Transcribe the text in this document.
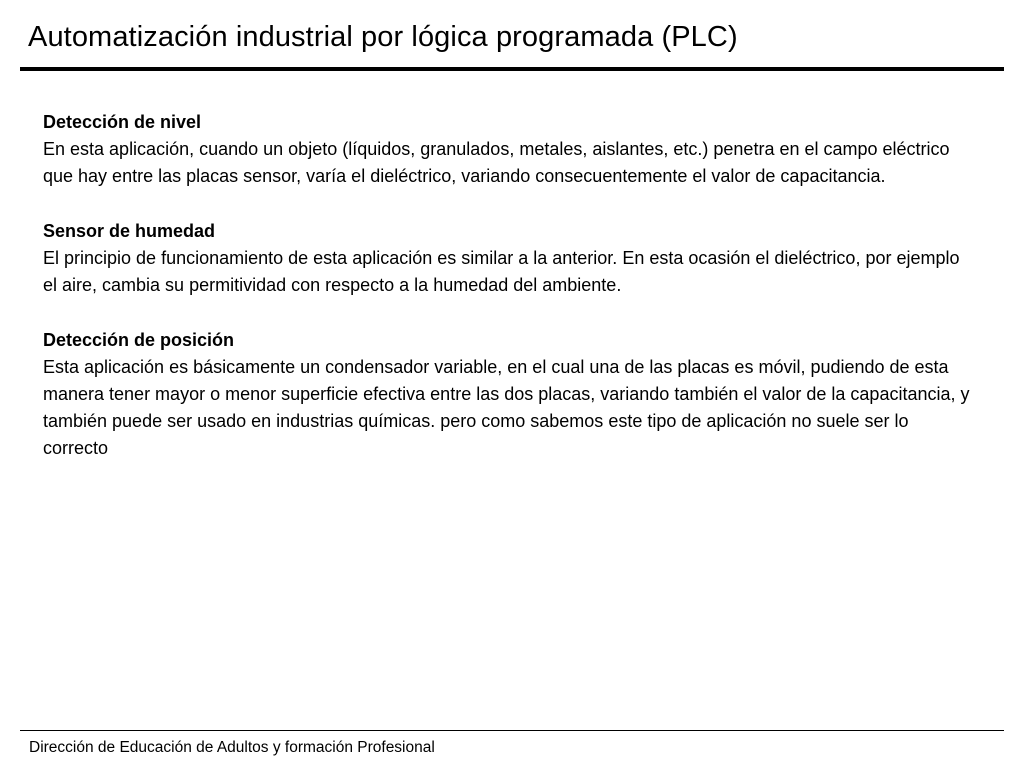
Automatización industrial por lógica programada (PLC)
Detección de nivel
En esta aplicación, cuando un objeto (líquidos, granulados, metales, aislantes, etc.) penetra en el campo eléctrico que hay entre las placas sensor, varía el dieléctrico, variando consecuentemente el valor de capacitancia.
Sensor de humedad
El principio de funcionamiento de esta aplicación es similar a la anterior. En esta ocasión el dieléctrico, por ejemplo el aire, cambia su permitividad con respecto a la humedad del ambiente.
Detección de posición
Esta aplicación es básicamente un condensador variable, en el cual una de las placas es móvil, pudiendo de esta manera tener mayor o menor superficie efectiva entre las dos placas, variando también el valor de la capacitancia, y también puede ser usado en industrias químicas. pero como sabemos este tipo de aplicación no suele ser lo correcto
Dirección de Educación de Adultos y formación Profesional
